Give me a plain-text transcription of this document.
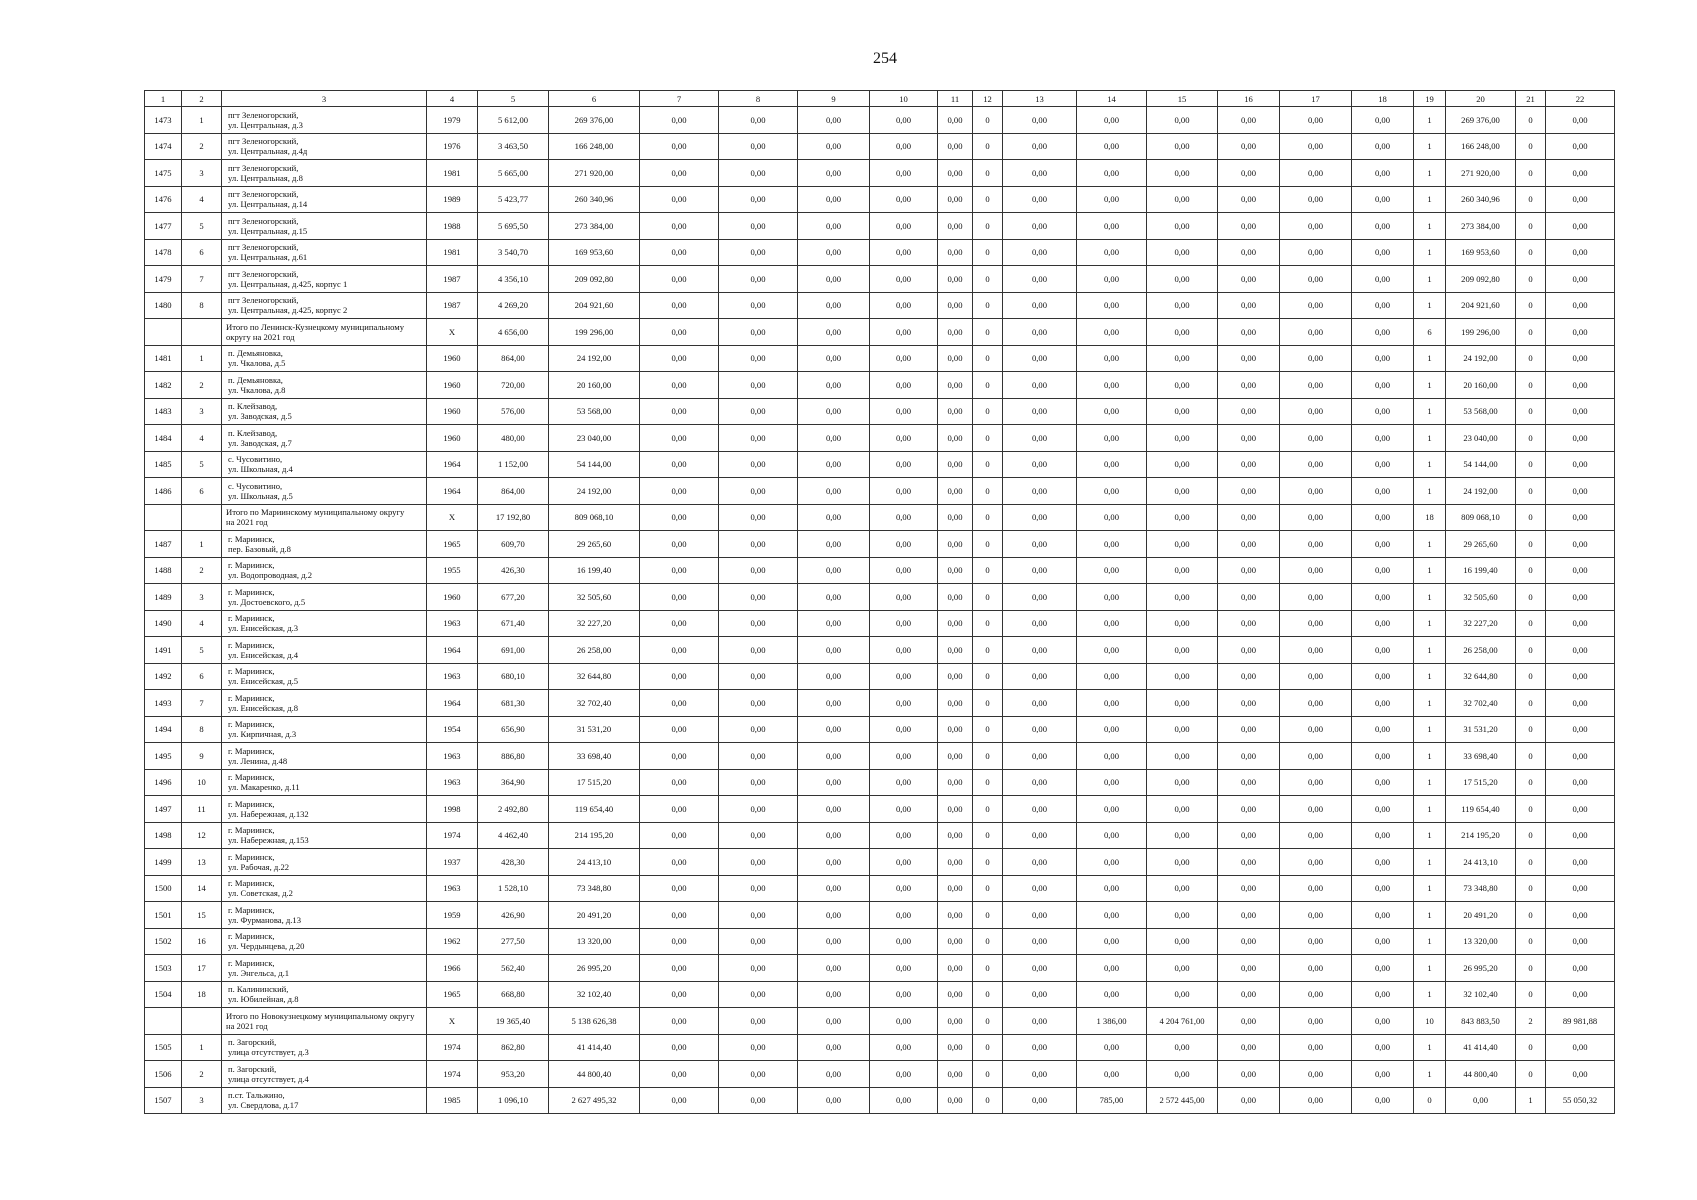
254
1	2	3	4	5	6	7	8	9	10	11	12	13	14	15	16	17	18	19	20	21	22
1473	1	пгт Зеленогорский,
ул. Центральная, д.3	1979	5 612,00	269 376,00	0,00	0,00	0,00	0,00	0,00	0	0,00	0,00	0,00	0,00	0,00	0,00	1	269 376,00	0	0,00
1474	2	пгт Зеленогорский,
ул. Центральная, д.4д	1976	3 463,50	166 248,00	0,00	0,00	0,00	0,00	0,00	0	0,00	0,00	0,00	0,00	0,00	0,00	1	166 248,00	0	0,00
1475	3	пгт Зеленогорский,
ул. Центральная, д.8	1981	5 665,00	271 920,00	0,00	0,00	0,00	0,00	0,00	0	0,00	0,00	0,00	0,00	0,00	0,00	1	271 920,00	0	0,00
1476	4	пгт Зеленогорский,
ул. Центральная, д.14	1989	5 423,77	260 340,96	0,00	0,00	0,00	0,00	0,00	0	0,00	0,00	0,00	0,00	0,00	0,00	1	260 340,96	0	0,00
1477	5	пгт Зеленогорский,
ул. Центральная, д.15	1988	5 695,50	273 384,00	0,00	0,00	0,00	0,00	0,00	0	0,00	0,00	0,00	0,00	0,00	0,00	1	273 384,00	0	0,00
1478	6	пгт Зеленогорский,
ул. Центральная, д.61	1981	3 540,70	169 953,60	0,00	0,00	0,00	0,00	0,00	0	0,00	0,00	0,00	0,00	0,00	0,00	1	169 953,60	0	0,00
1479	7	пгт Зеленогорский,
ул. Центральная, д.425, корпус 1	1987	4 356,10	209 092,80	0,00	0,00	0,00	0,00	0,00	0	0,00	0,00	0,00	0,00	0,00	0,00	1	209 092,80	0	0,00
1480	8	пгт Зеленогорский,
ул. Центральная, д.425, корпус 2	1987	4 269,20	204 921,60	0,00	0,00	0,00	0,00	0,00	0	0,00	0,00	0,00	0,00	0,00	0,00	1	204 921,60	0	0,00

		Итого по Ленинск-Кузнецкому муниципальному
округу на 2021 год	X	4 656,00	199 296,00	0,00	0,00	0,00	0,00	0,00	0	0,00	0,00	0,00	0,00	0,00	0,00	6	199 296,00	0	0,00
1481	1	п. Демьяновка,
ул. Чкалова, д.5	1960	864,00	24 192,00	0,00	0,00	0,00	0,00	0,00	0	0,00	0,00	0,00	0,00	0,00	0,00	1	24 192,00	0	0,00
1482	2	п. Демьяновка,
ул. Чкалова, д.8	1960	720,00	20 160,00	0,00	0,00	0,00	0,00	0,00	0	0,00	0,00	0,00	0,00	0,00	0,00	1	20 160,00	0	0,00
1483	3	п. Клейзавод,
ул. Заводская, д.5	1960	576,00	53 568,00	0,00	0,00	0,00	0,00	0,00	0	0,00	0,00	0,00	0,00	0,00	0,00	1	53 568,00	0	0,00
1484	4	п. Клейзавод,
ул. Заводская, д.7	1960	480,00	23 040,00	0,00	0,00	0,00	0,00	0,00	0	0,00	0,00	0,00	0,00	0,00	0,00	1	23 040,00	0	0,00
1485	5	с. Чусовитино,
ул. Школьная, д.4	1964	1 152,00	54 144,00	0,00	0,00	0,00	0,00	0,00	0	0,00	0,00	0,00	0,00	0,00	0,00	1	54 144,00	0	0,00
1486	6	с. Чусовитино,
ул. Школьная, д.5	1964	864,00	24 192,00	0,00	0,00	0,00	0,00	0,00	0	0,00	0,00	0,00	0,00	0,00	0,00	1	24 192,00	0	0,00

		Итого по Мариинскому муниципальному округу
на 2021 год	X	17 192,80	809 068,10	0,00	0,00	0,00	0,00	0,00	0	0,00	0,00	0,00	0,00	0,00	0,00	18	809 068,10	0	0,00
1487	1	г. Мариинск,
пер. Базовый, д.8	1965	609,70	29 265,60	0,00	0,00	0,00	0,00	0,00	0	0,00	0,00	0,00	0,00	0,00	0,00	1	29 265,60	0	0,00
1488	2	г. Мариинск,
ул. Водопроводная, д.2	1955	426,30	16 199,40	0,00	0,00	0,00	0,00	0,00	0	0,00	0,00	0,00	0,00	0,00	0,00	1	16 199,40	0	0,00
1489	3	г. Мариинск,
ул. Достоевского, д.5	1960	677,20	32 505,60	0,00	0,00	0,00	0,00	0,00	0	0,00	0,00	0,00	0,00	0,00	0,00	1	32 505,60	0	0,00
1490	4	г. Мариинск,
ул. Енисейская, д.3	1963	671,40	32 227,20	0,00	0,00	0,00	0,00	0,00	0	0,00	0,00	0,00	0,00	0,00	0,00	1	32 227,20	0	0,00
1491	5	г. Мариинск,
ул. Енисейская, д.4	1964	691,00	26 258,00	0,00	0,00	0,00	0,00	0,00	0	0,00	0,00	0,00	0,00	0,00	0,00	1	26 258,00	0	0,00
1492	6	г. Мариинск,
ул. Енисейская, д.5	1963	680,10	32 644,80	0,00	0,00	0,00	0,00	0,00	0	0,00	0,00	0,00	0,00	0,00	0,00	1	32 644,80	0	0,00
1493	7	г. Мариинск,
ул. Енисейская, д.8	1964	681,30	32 702,40	0,00	0,00	0,00	0,00	0,00	0	0,00	0,00	0,00	0,00	0,00	0,00	1	32 702,40	0	0,00
1494	8	г. Мариинск,
ул. Кирпичная, д.3	1954	656,90	31 531,20	0,00	0,00	0,00	0,00	0,00	0	0,00	0,00	0,00	0,00	0,00	0,00	1	31 531,20	0	0,00
1495	9	г. Мариинск,
ул. Ленина, д.48	1963	886,80	33 698,40	0,00	0,00	0,00	0,00	0,00	0	0,00	0,00	0,00	0,00	0,00	0,00	1	33 698,40	0	0,00
1496	10	г. Мариинск,
ул. Макаренко, д.11	1963	364,90	17 515,20	0,00	0,00	0,00	0,00	0,00	0	0,00	0,00	0,00	0,00	0,00	0,00	1	17 515,20	0	0,00
1497	11	г. Мариинск,
ул. Набережная, д.132	1998	2 492,80	119 654,40	0,00	0,00	0,00	0,00	0,00	0	0,00	0,00	0,00	0,00	0,00	0,00	1	119 654,40	0	0,00
1498	12	г. Мариинск,
ул. Набережная, д.153	1974	4 462,40	214 195,20	0,00	0,00	0,00	0,00	0,00	0	0,00	0,00	0,00	0,00	0,00	0,00	1	214 195,20	0	0,00
1499	13	г. Мариинск,
ул. Рабочая, д.22	1937	428,30	24 413,10	0,00	0,00	0,00	0,00	0,00	0	0,00	0,00	0,00	0,00	0,00	0,00	1	24 413,10	0	0,00
1500	14	г. Мариинск,
ул. Советская, д.2	1963	1 528,10	73 348,80	0,00	0,00	0,00	0,00	0,00	0	0,00	0,00	0,00	0,00	0,00	0,00	1	73 348,80	0	0,00
1501	15	г. Мариинск,
ул. Фурманова, д.13	1959	426,90	20 491,20	0,00	0,00	0,00	0,00	0,00	0	0,00	0,00	0,00	0,00	0,00	0,00	1	20 491,20	0	0,00
1502	16	г. Мариинск,
ул. Чердынцева, д.20	1962	277,50	13 320,00	0,00	0,00	0,00	0,00	0,00	0	0,00	0,00	0,00	0,00	0,00	0,00	1	13 320,00	0	0,00
1503	17	г. Мариинск,
ул. Энгельса, д.1	1966	562,40	26 995,20	0,00	0,00	0,00	0,00	0,00	0	0,00	0,00	0,00	0,00	0,00	0,00	1	26 995,20	0	0,00
1504	18	п. Калининский,
ул. Юбилейная, д.8	1965	668,80	32 102,40	0,00	0,00	0,00	0,00	0,00	0	0,00	0,00	0,00	0,00	0,00	0,00	1	32 102,40	0	0,00

		Итого по Новокузнецкому муниципальному округу
на 2021 год	X	19 365,40	5 138 626,38	0,00	0,00	0,00	0,00	0,00	0	0,00	1 386,00	4 204 761,00	0,00	0,00	0,00	10	843 883,50	2	89 981,88
1505	1	п. Загорский,
улица отсутствует, д.3	1974	862,80	41 414,40	0,00	0,00	0,00	0,00	0,00	0	0,00	0,00	0,00	0,00	0,00	0,00	1	41 414,40	0	0,00
1506	2	п. Загорский,
улица отсутствует, д.4	1974	953,20	44 800,40	0,00	0,00	0,00	0,00	0,00	0	0,00	0,00	0,00	0,00	0,00	0,00	1	44 800,40	0	0,00
1507	3	п.ст. Тальжино,
ул. Свердлова, д.17	1985	1 096,10	2 627 495,32	0,00	0,00	0,00	0,00	0,00	0	0,00	785,00	2 572 445,00	0,00	0,00	0,00	0	0,00	1	55 050,32
